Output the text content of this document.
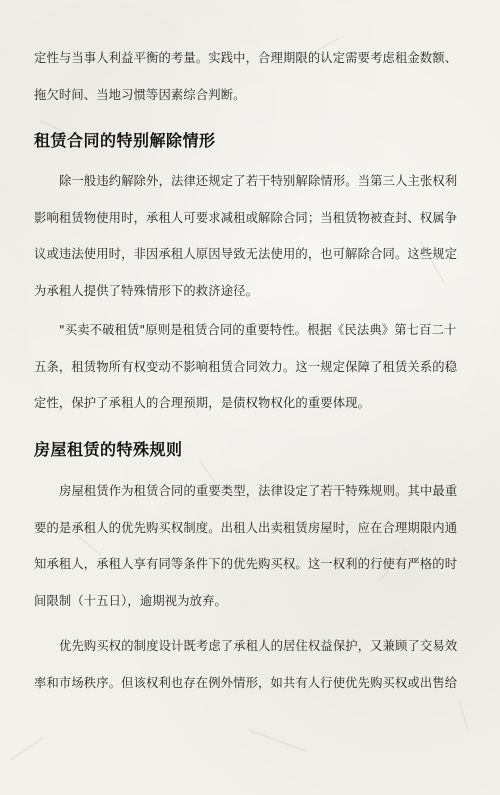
定性与当事人利益平衡的考量。实践中，合理期限的认定需要考虑租金数额、
拖欠时间、当地习惯等因素综合判断。

租赁合同的特别解除情形

除一般违约解除外，法律还规定了若干特别解除情形。当第三人主张权利
影响租赁物使用时，承租人可要求减租或解除合同；当租赁物被查封、权属争
议或违法使用时，非因承租人原因导致无法使用的，也可解除合同。这些规定
为承租人提供了特殊情形下的救济途径。

"买卖不破租赁"原则是租赁合同的重要特性。根据《民法典》第七百二十
五条，租赁物所有权变动不影响租赁合同效力。这一规定保障了租赁关系的稳
定性，保护了承租人的合理预期，是债权物权化的重要体现。

房屋租赁的特殊规则

房屋租赁作为租赁合同的重要类型，法律设定了若干特殊规则。其中最重
要的是承租人的优先购买权制度。出租人出卖租赁房屋时，应在合理期限内通
知承租人，承租人享有同等条件下的优先购买权。这一权利的行使有严格的时
间限制（十五日），逾期视为放弃。

优先购买权的制度设计既考虑了承租人的居住权益保护，又兼顾了交易效
率和市场秩序。但该权利也存在例外情形，如共有人行使优先购买权或出售给
